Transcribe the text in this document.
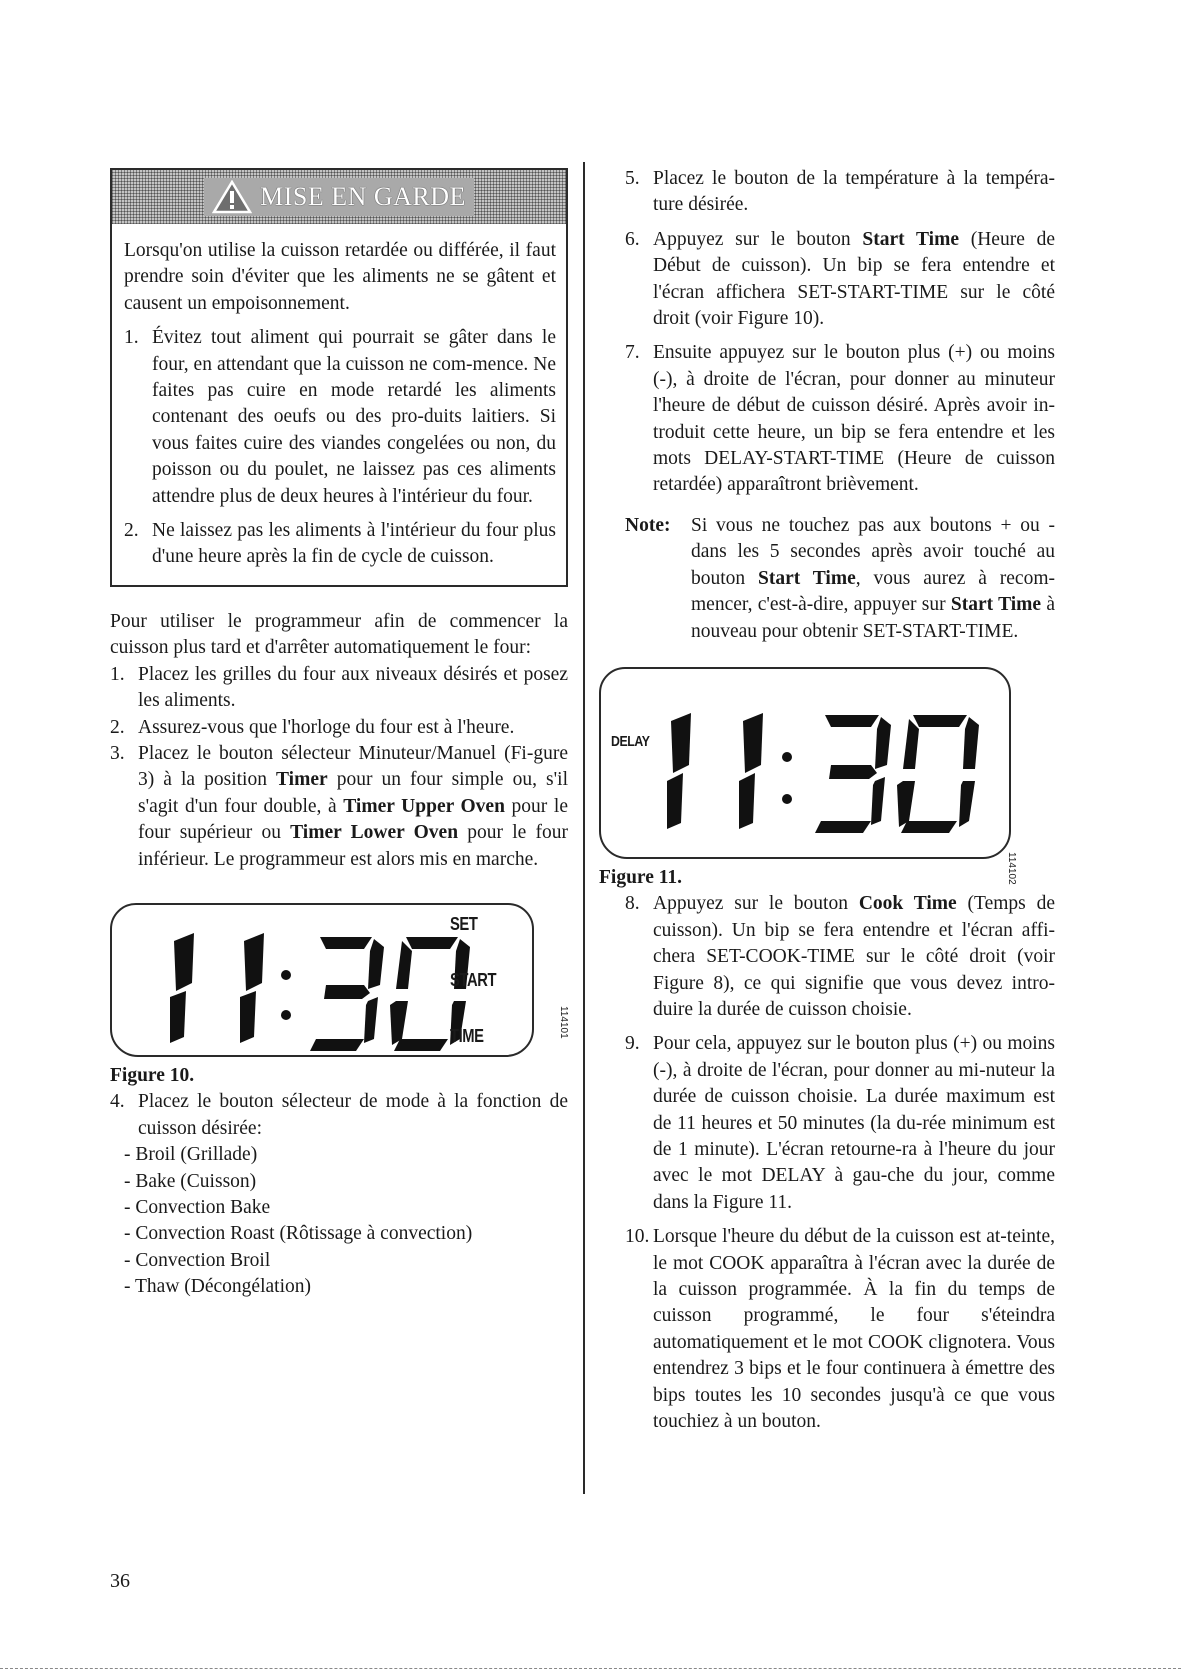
MISE EN GARDE

Lorsqu'on utilise la cuisson retardée ou différée, il faut prendre soin d'éviter que les aliments ne se gâtent et causent un empoisonnement.

1. Évitez tout aliment qui pourrait se gâter dans le four, en attendant que la cuisson ne com-mence. Ne faites pas cuire en mode retardé les aliments contenant des oeufs ou des pro-duits laitiers. Si vous faites cuire des viandes congelées ou non, du poisson ou du poulet, ne laissez pas ces aliments attendre plus de deux heures à l'intérieur du four.
2. Ne laissez pas les aliments à l'intérieur du four plus d'une heure après la fin de cycle de cuisson.

Pour utiliser le programmeur afin de commencer la cuisson plus tard et d'arrêter automatiquement le four:

1. Placez les grilles du four aux niveaux désirés et posez les aliments.
2. Assurez-vous que l'horloge du four est à l'heure.
3. Placez le bouton sélecteur Minuteur/Manuel (Fi-gure 3) à la position Timer pour un four simple ou, s'il s'agit d'un four double, à Timer Upper Oven pour le four supérieur ou Timer Lower Oven pour le four inférieur. Le programmeur est alors mis en marche.
SET
START
TIME	114101

Figure 10.

4. Placez le bouton sélecteur de mode à la fonction de cuisson désirée:
- Broil (Grillade)
- Bake (Cuisson)
- Convection Bake
- Convection Roast (Rôtissage à convection)
- Convection Broil
- Thaw (Décongélation)
5. Placez le bouton de la température à la tempéra-ture désirée.
6. Appuyez sur le bouton Start Time (Heure de Début de cuisson). Un bip se fera entendre et l'écran affichera SET-START-TIME sur le côté droit (voir Figure 10).
7. Ensuite appuyez sur le bouton plus (+) ou moins (-), à droite de l'écran, pour donner au minuteur l'heure de début de cuisson désiré. Après avoir in-troduit cette heure, un bip se fera entendre et les mots DELAY-START-TIME (Heure de cuisson retardée) apparaîtront brièvement.
Note:	Si vous ne touchez pas aux boutons + ou - dans les 5 secondes après avoir touché au bouton Start Time, vous aurez à recom-mencer, c'est-à-dire, appuyer sur Start Time à nouveau pour obtenir SET-START-TIME.
DELAY
114102

Figure 11.

8. Appuyez sur le bouton Cook Time (Temps de cuisson). Un bip se fera entendre et l'écran affi-chera SET-COOK-TIME sur le côté droit (voir Figure 8), ce qui signifie que vous devez intro-duire la durée de cuisson choisie.
9. Pour cela, appuyez sur le bouton plus (+) ou moins (-), à droite de l'écran, pour donner au mi-nuteur la durée de cuisson choisie. La durée maximum est de 11 heures et 50 minutes (la du-rée minimum est de 1 minute). L'écran retourne-ra à l'heure du jour avec le mot DELAY à gau-che du jour, comme dans la Figure 11.
10. Lorsque l'heure du début de la cuisson est at-teinte, le mot COOK apparaîtra à l'écran avec la durée de la cuisson programmée. À la fin du temps de cuisson programmé, le four s'éteindra automatiquement et le mot COOK clignotera. Vous entendrez 3 bips et le four continuera à émettre des bips toutes les 10 secondes jusqu'à ce que vous touchiez à un bouton.
36
